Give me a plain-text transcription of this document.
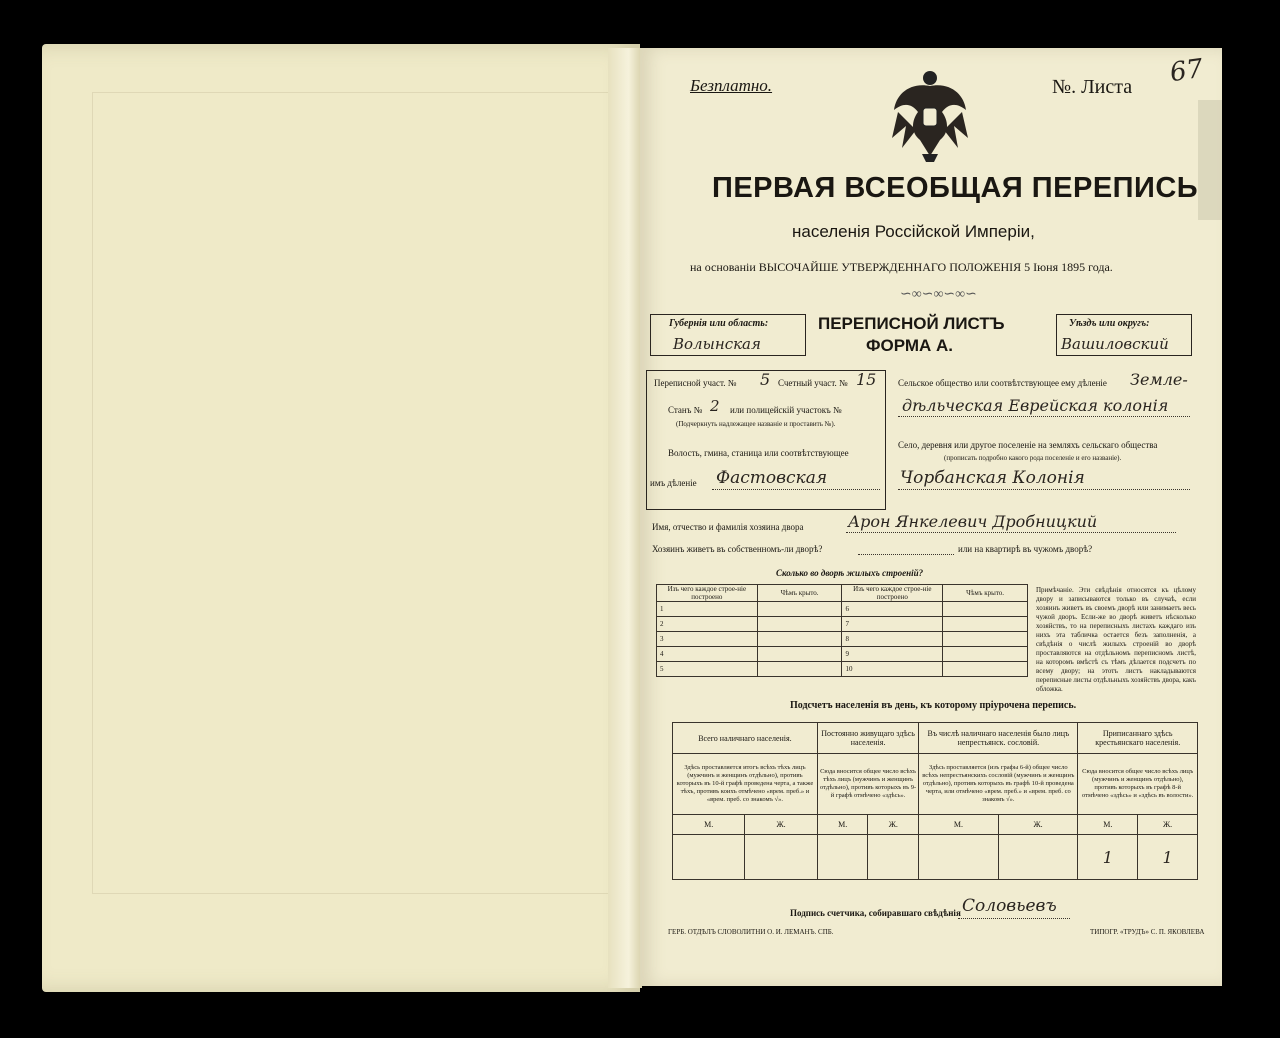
Безплатно.	№. Листа 67
ПЕРВАЯ ВСЕОБЩАЯ ПЕРЕПИСЬ
населенія Россійской Имперіи,
на основаніи ВЫСОЧАЙШЕ УТВЕРЖДЕННАГО ПОЛОЖЕНІЯ 5 Іюня 1895 года.
∽∞∽∞∽∞∽
Губернія или область:
Волынская
ПЕРЕПИСНОЙ ЛИСТЪ
ФОРМА А.
Уѣздъ или округъ:
Вашиловский
Переписной участ. № 5 Счетный участ. № 15
Станъ № 2 или полицейскій участокъ №
(Подчеркнуть надлежащее названіе и проставить №).
Волость, гмина, станица или соотвѣтствующее
имъ дѣленіе Фастовская
Сельское общество или соотвѣтствующее ему дѣленіе Земле-
дѣльческая Еврейская колонія
Село, деревня или другое поселеніе на земляхъ сельскаго общества
(прописать подробно какого рода поселеніе и его названіе).
Чорбанская Колонія
Имя, отчество и фамилія хозяина двора	Арон Янкелевич Дробницкий
Хозяинъ живетъ въ собственномъ-ли дворѣ?	или на квартирѣ въ чужомъ дворѣ?
Сколько во дворѣ жилыхъ строеній?
Изъ чего каждое строе-ніе построено	Чѣмъ крыто.	Изъ чего каждое строе-ніе построено	Чѣмъ крыто.
1		6	
2		7	
3		8	
4		9	
5		10	
Примѣчаніе. Эти свѣдѣнія относятся къ цѣлому двору и записываются только въ случаѣ, если хозяинъ живетъ въ своемъ дворѣ или занимаетъ весь чужой дворъ. Если-же во дворѣ живетъ нѣсколько хозяйствъ, то на переписныхъ листахъ каждаго изъ нихъ эта табличка остается безъ заполненія, а свѣдѣнія о числѣ жилыхъ строеній во дворѣ проставляются на отдѣльномъ переписномъ листѣ, на которомъ вмѣстѣ съ тѣмъ дѣлается подсчетъ по всему двору; на этотъ листъ накладываются переписные листы отдѣльныхъ хозяйствъ двора, какъ обложка.
Подсчетъ населенія въ день, къ которому пріурочена перепись.
Всего наличнаго населенія.		Постоянно живущаго здѣсь населенія.		Въ числѣ наличнаго населенія было лицъ непрестьянск. сословій.		Приписаннаго здѣсь крестьянскаго населенія.	
Здѣсь проставляется итогъ всѣхъ тѣхъ лицъ (мужчинъ и женщинъ отдѣльно), противъ которыхъ въ 10-й графѣ проведена черта, а также тѣхъ, противъ коихъ отмѣчено «врем. преб.» и «врем. преб. со знакомъ √».		Сюда вносится общее число всѣхъ тѣхъ лицъ (мужчинъ и женщинъ отдѣльно), противъ которыхъ въ 9-й графѣ отмѣчено «здѣсь».		Здѣсь проставляется (изъ графы 6-й) общее число всѣхъ непрестьянскихъ сословій (мужчинъ и женщинъ отдѣльно), противъ которыхъ въ графѣ 10-й проведена черта, или отмѣчено «врем. преб.» и «врем. преб. со знакомъ √».		Сюда вносится общее число всѣхъ лицъ (мужчинъ и женщинъ отдѣльно), противъ которыхъ въ графѣ 8-й отмѣчено «здѣсь» и «здѣсь въ волости».	
М.	Ж.	М.	Ж.	М.	Ж.	М.	Ж.
						1	1
Подпись счетчика, собиравшаго свѣдѣнія Соловьевъ
ГЕРБ. ОТДѢЛЪ СЛОВОЛИТНИ О. И. ЛЕМАНЪ. СПБ.	ТИПОГР. «ТРУДЪ» С. П. ЯКОВЛЕВА
